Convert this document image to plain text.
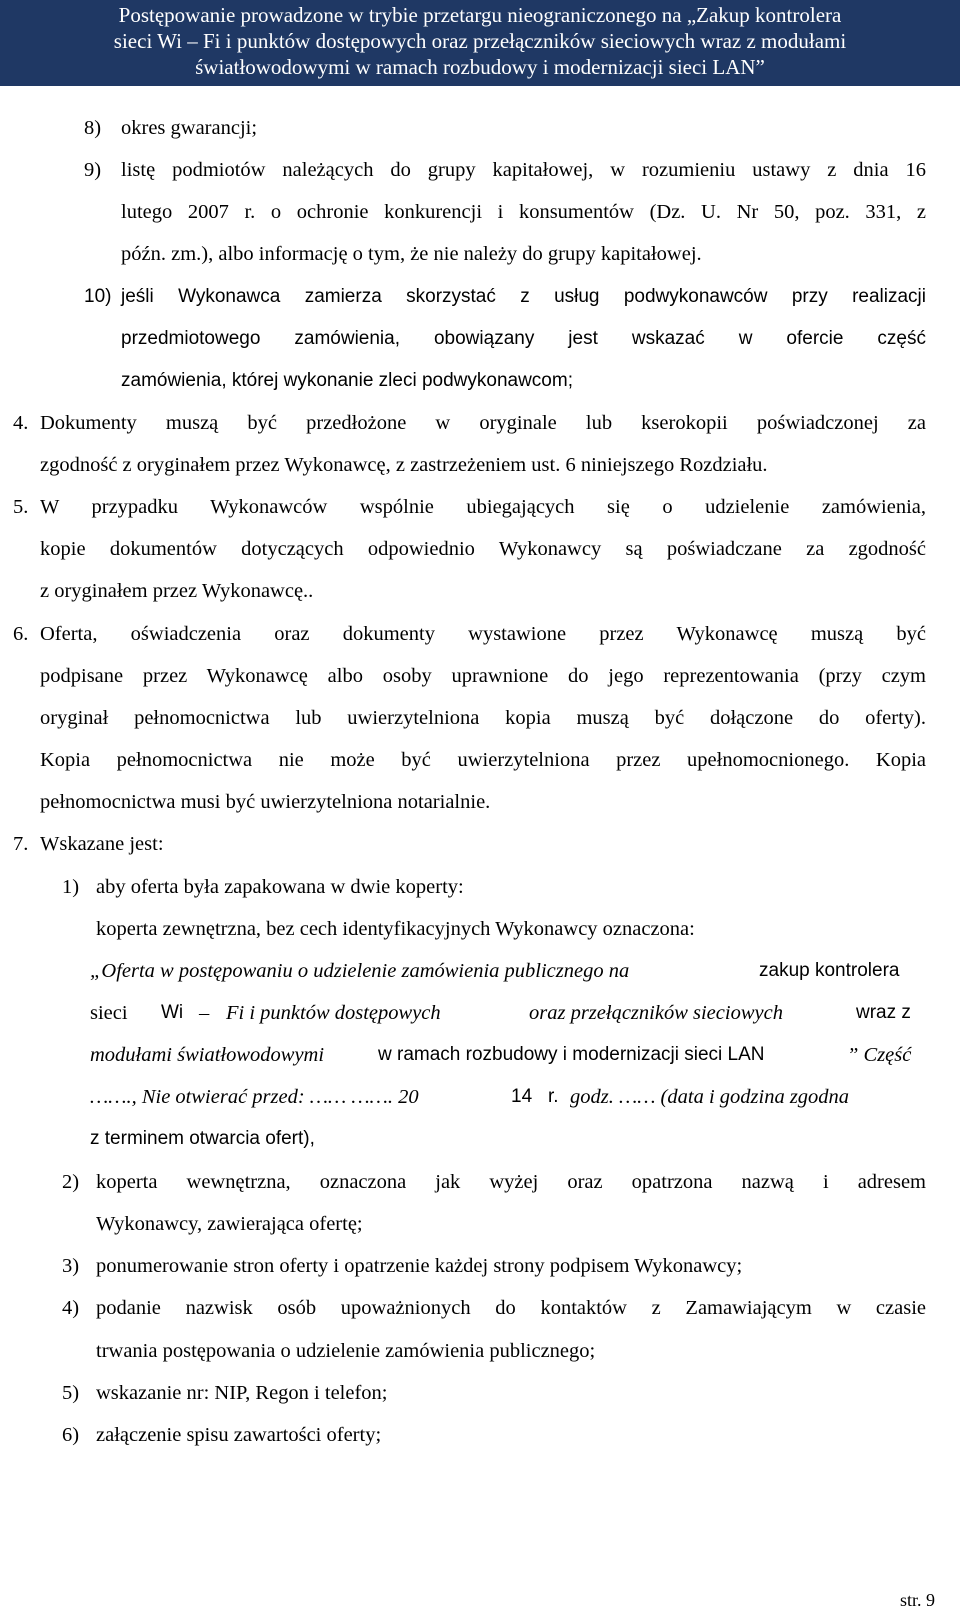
Postępowanie prowadzone w trybie przetargu nieograniczonego na „Zakup kontrolera
sieci Wi – Fi i punktów dostępowych oraz przełączników sieciowych wraz z modułami
światłowodowymi w ramach rozbudowy i modernizacji sieci LAN”
8) okres gwarancji;
9) listę podmiotów należących do grupy kapitałowej, w rozumieniu ustawy z dnia 16
lutego 2007 r. o ochronie konkurencji i konsumentów (Dz. U. Nr 50, poz. 331, z
późn. zm.), albo informację o tym, że nie należy do grupy kapitałowej.
10) jeśli Wykonawca zamierza skorzystać z usług podwykonawców przy realizacji
przedmiotowego zamówienia, obowiązany jest wskazać w ofercie część
zamówienia, której wykonanie zleci podwykonawcom;
4. Dokumenty muszą być przedłożone w oryginale lub kserokopii poświadczonej za
zgodność z oryginałem przez Wykonawcę, z zastrzeżeniem ust. 6 niniejszego Rozdziału.
5. W przypadku Wykonawców wspólnie ubiegających się o udzielenie zamówienia,
kopie dokumentów dotyczących odpowiednio Wykonawcy są poświadczane za zgodność
z oryginałem przez Wykonawcę..
6. Oferta, oświadczenia oraz dokumenty wystawione przez Wykonawcę muszą być
podpisane przez Wykonawcę albo osoby uprawnione do jego reprezentowania (przy czym
oryginał pełnomocnictwa lub uwierzytelniona kopia muszą być dołączone do oferty).
Kopia pełnomocnictwa nie może być uwierzytelniona przez upełnomocnionego. Kopia
pełnomocnictwa musi być uwierzytelniona notarialnie.
7. Wskazane jest:
1) aby oferta była zapakowana w dwie koperty:
koperta zewnętrzna, bez cech identyfikacyjnych Wykonawcy oznaczona:
„Oferta w postępowaniu o udzielenie zamówienia publicznego na	zakup kontrolera
sieci Wi – Fi i punktów dostępowych	oraz przełączników sieciowych	wraz z
modułami światłowodowymi	w ramach rozbudowy i modernizacji sieci LAN	” Część
……., Nie otwierać przed: …… ……. 20	14 r. godz. …… (data i godzina zgodna
z terminem otwarcia ofert),
2) koperta wewnętrzna, oznaczona jak wyżej oraz opatrzona nazwą i adresem
Wykonawcy, zawierająca ofertę;
3) ponumerowanie stron oferty i opatrzenie każdej strony podpisem Wykonawcy;
4) podanie nazwisk osób upoważnionych do kontaktów z Zamawiającym w czasie
trwania postępowania o udzielenie zamówienia publicznego;
5) wskazanie nr: NIP, Regon i telefon;
6) załączenie spisu zawartości oferty;
str. 9
